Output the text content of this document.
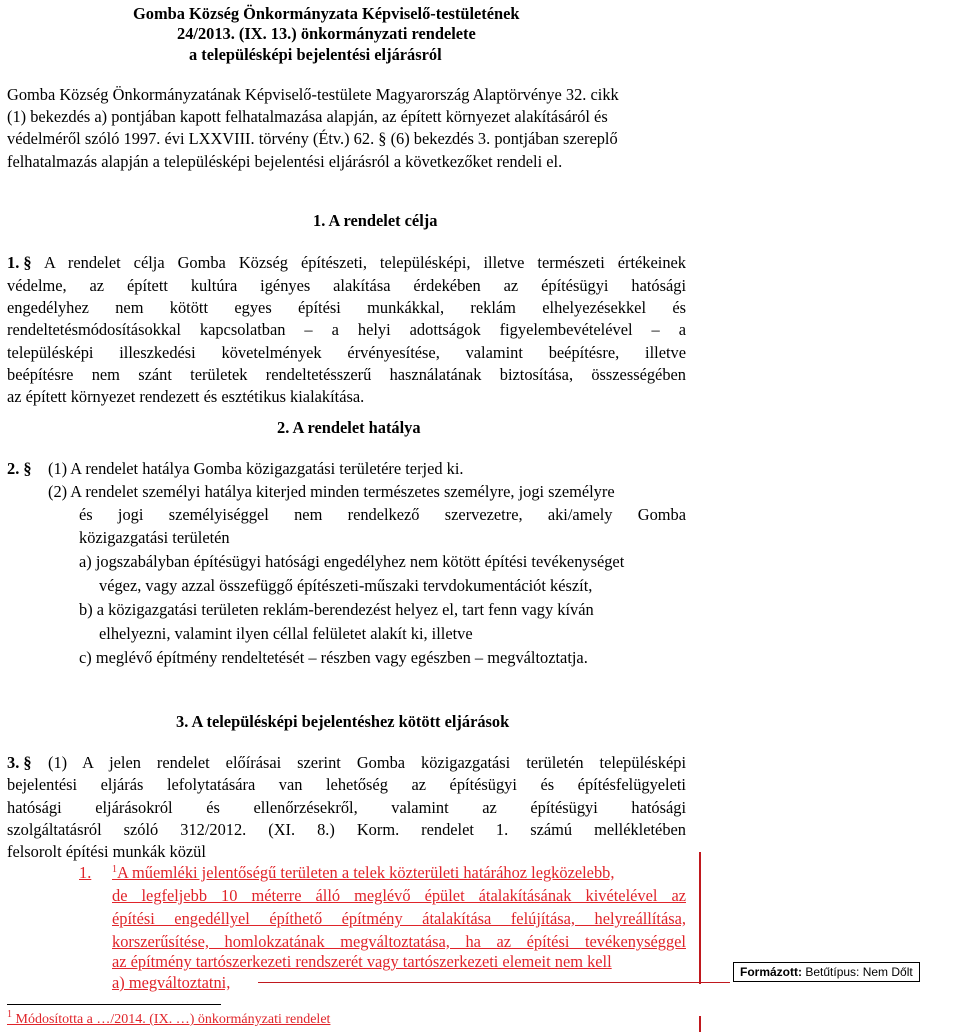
Gomba Község Önkormányzata Képviselő-testületének

24/2013. (IX. 13.) önkormányzati rendelete

a településképi bejelentési eljárásról

Gomba Község Önkormányzatának Képviselő-testülete Magyarország Alaptörvénye 32. cikk

(1) bekezdés a) pontjában kapott felhatalmazása alapján, az épített környezet alakításáról és

védelméről szóló 1997. évi LXXVIII. törvény (Étv.) 62. § (6) bekezdés 3. pontjában szereplő

felhatalmazás alapján a településképi bejelentési eljárásról a következőket rendeli el.

1. A rendelet célja

1. § A rendelet célja Gomba Község építészeti, településképi, illetve természeti értékeinek

védelme, az épített kultúra igényes alakítása érdekében az építésügyi hatósági

engedélyhez nem kötött egyes építési munkákkal, reklám elhelyezésekkel és

rendeltetésmódosításokkal kapcsolatban – a helyi adottságok figyelembevételével – a

településképi illeszkedési követelmények érvényesítése, valamint beépítésre, illetve

beépítésre nem szánt területek rendeltetésszerű használatának biztosítása, összességében

az épített környezet rendezett és esztétikus kialakítása.

2. A rendelet hatálya

2. § (1) A rendelet hatálya Gomba közigazgatási területére terjed ki.

(2) A rendelet személyi hatálya kiterjed minden természetes személyre, jogi személyre

és jogi személyiséggel nem rendelkező szervezetre, aki/amely Gomba

közigazgatási területén

a) jogszabályban építésügyi hatósági engedélyhez nem kötött építési tevékenységet

végez, vagy azzal összefüggő építészeti-műszaki tervdokumentációt készít,

b) a közigazgatási területen reklám-berendezést helyez el, tart fenn vagy kíván

elhelyezni, valamint ilyen céllal felületet alakít ki, illetve

c) meglévő építmény rendeltetését – részben vagy egészben – megváltoztatja.

3. A településképi bejelentéshez kötött eljárások

3. § (1) A jelen rendelet előírásai szerint Gomba közigazgatási területén településképi

bejelentési eljárás lefolytatására van lehetőség az építésügyi és építésfelügyeleti

hatósági eljárásokról és ellenőrzésekről, valamint az építésügyi hatósági

szolgáltatásról szóló 312/2012. (XI. 8.) Korm. rendelet 1. számú mellékletében

felsorolt építési munkák közül

1. $^1$A műemléki jelentőségű területen a telek közterületi határához legközelebb,

de legfeljebb 10 méterre álló meglévő épület átalakításának kivételével az

építési engedéllyel építhető építmény átalakítása felújítása, helyreállítása,

korszerűsítése, homlokzatának megváltoztatása, ha az építési tevékenységgel

az építmény tartószerkezeti rendszerét vagy tartószerkezeti elemeit nem kell

a) megváltoztatni,

Formázott: Betűtípus: Nem Dőlt

$^1$ Módosította a …/2014. (IX. …) önkormányzati rendelet
